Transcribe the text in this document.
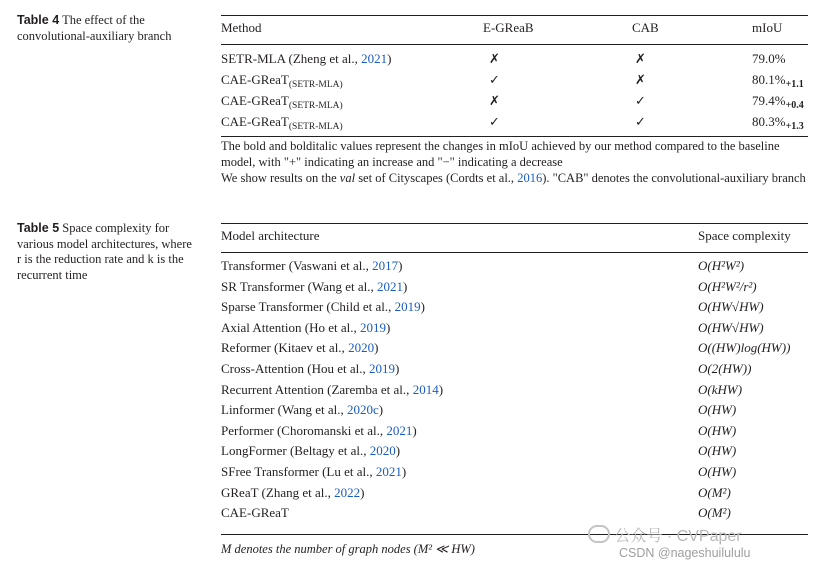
Table 4 The effect of the convolutional-auxiliary branch
Method	E-GReaB	CAB	mIoU
SETR-MLA (Zheng et al., 2021)	✗	✗	79.0%
CAE-GReaT$_{(SETR-MLA)}$	✓	✗	$80.1\%_{+1.1}$
CAE-GReaT$_{(SETR-MLA)}$	✗	✓	$79.4\%_{+0.4}$
CAE-GReaT$_{(SETR-MLA)}$	✓	✓	$80.3\%_{+1.3}$
The bold and bolditalic values represent the changes in mIoU achieved by our method compared to the baseline model, with "+" indicating an increase and "−" indicating a decrease
We show results on the val set of Cityscapes (Cordts et al., 2016). "CAB" denotes the convolutional-auxiliary branch
Table 5 Space complexity for various model architectures, where r is the reduction rate and k is the recurrent time
Model architecture	Space complexity
Transformer (Vaswani et al., 2017)	O(H²W²)
SR Transformer (Wang et al., 2021)	O(H²W²/r²)
Sparse Transformer (Child et al., 2019)	O(HW√HW)
Axial Attention (Ho et al., 2019)	O(HW√HW)
Reformer (Kitaev et al., 2020)	O((HW)log(HW))
Cross-Attention (Hou et al., 2019)	O(2(HW))
Recurrent Attention (Zaremba et al., 2014)	O(kHW)
Linformer (Wang et al., 2020c)	O(HW)
Performer (Choromanski et al., 2021)	O(HW)
LongFormer (Beltagy et al., 2020)	O(HW)
SFree Transformer (Lu et al., 2021)	O(HW)
GReaT (Zhang et al., 2022)	O(M²)
CAE-GReaT	O(M²)
M denotes the number of graph nodes (M² ≪ HW)
公众号 · CVPaper
CSDN @nageshuilululu
